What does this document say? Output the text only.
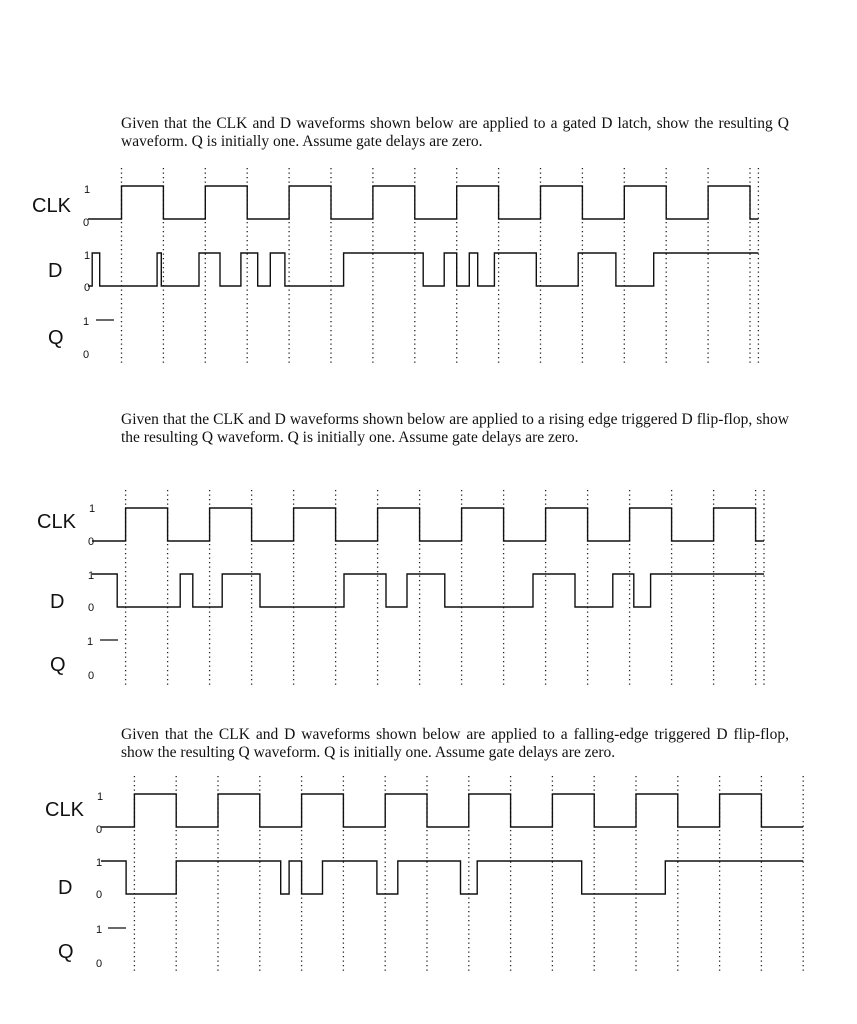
Given that the CLK and D waveforms shown below are applied to a gated D latch, show the resulting Q waveform. Q is initially one. Assume gate delays are zero.

Given that the CLK and D waveforms shown below are applied to a rising edge triggered D flip-flop, show the resulting Q waveform. Q is initially one. Assume gate delays are zero.

Given that the CLK and D waveforms shown below are applied to a falling-edge triggered D flip-flop, show the resulting Q waveform. Q is initially one. Assume gate delays are zero.

CLK
1
0
D
1
0
Q
1
0
CLK
1
0
D
1
0
Q
1
0
CLK
1
0
D
1
0
Q
1
0
